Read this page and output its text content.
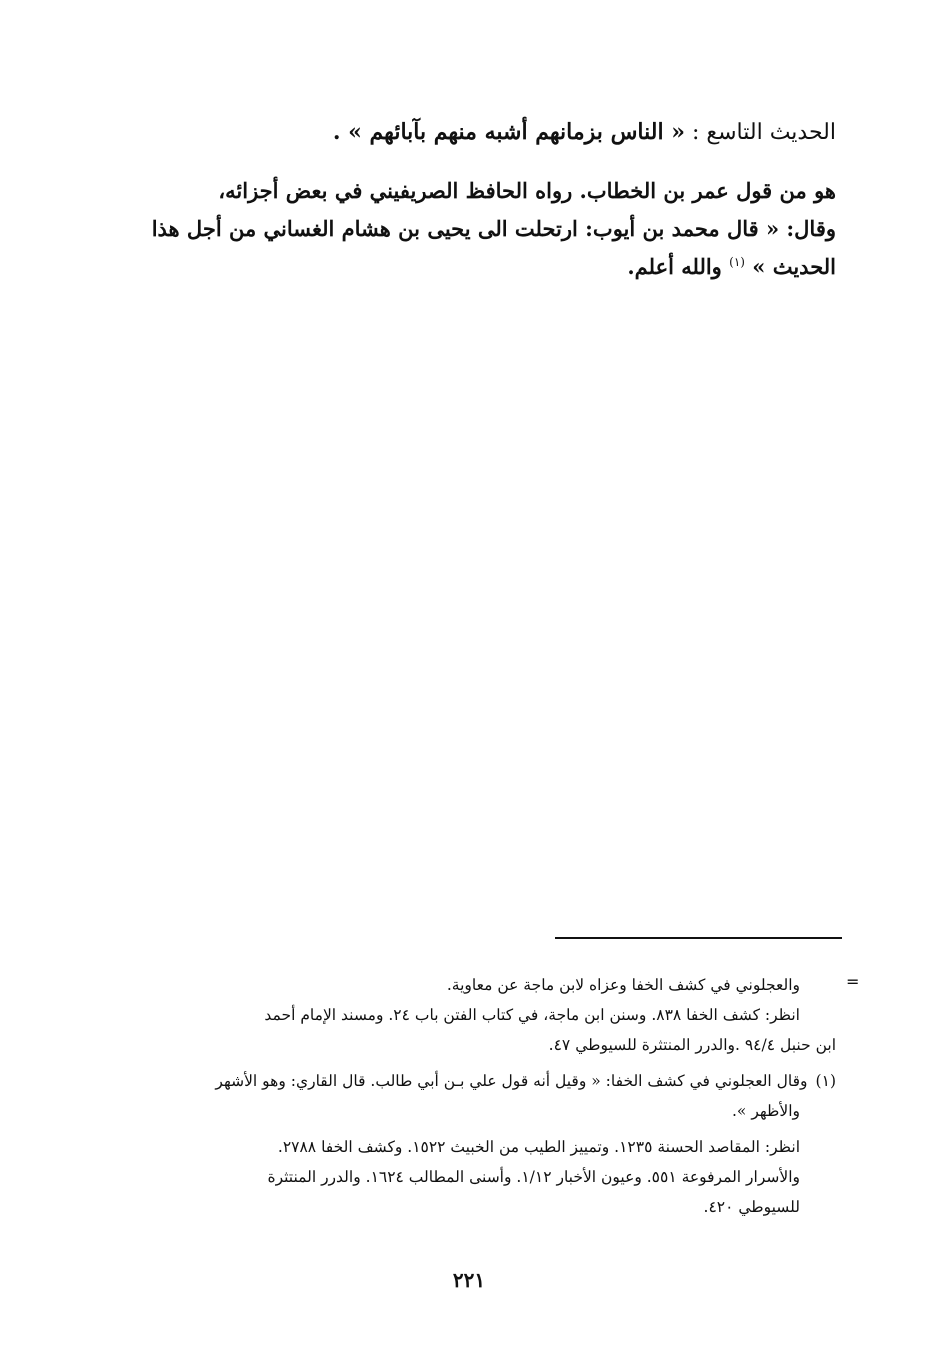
الحديث التاسع : « الناس بزمانهم أشبه منهم بآبائهم » .
هو من قول عمر بن الخطاب. رواه الحافظ الصريفيني في بعض أجزائه،
وقال: « قال محمد بن أيوب: ارتحلت الى يحيى بن هشام الغساني من أجل هذا
الحديث » $^{(١)}$ والله أعلم.
=
والعجلوني في كشف الخفا وعزاه لابن ماجة عن معاوية.
انظر: كشف الخفا ٨٣٨. وسنن ابن ماجة، في كتاب الفتن باب ٢٤. ومسند الإمام أحمد
ابن حنبل ٩٤/٤ .والدرر المنتثرة للسيوطي ٤٧.
(١)وقال العجلوني في كشف الخفا: « وقيل أنه قول علي بـن أبي طالب. قال القاري: وهو الأشهر
والأظهر ».
انظر: المقاصد الحسنة ١٢٣٥. وتمييز الطيب من الخبيث ١٥٢٢. وكشف الخفا ٢٧٨٨.
والأسرار المرفوعة ٥٥١. وعيون الأخبار ١/١٢. وأسنى المطالب ١٦٢٤. والدرر المنتثرة
للسيوطي ٤٢٠.
٢٢١
